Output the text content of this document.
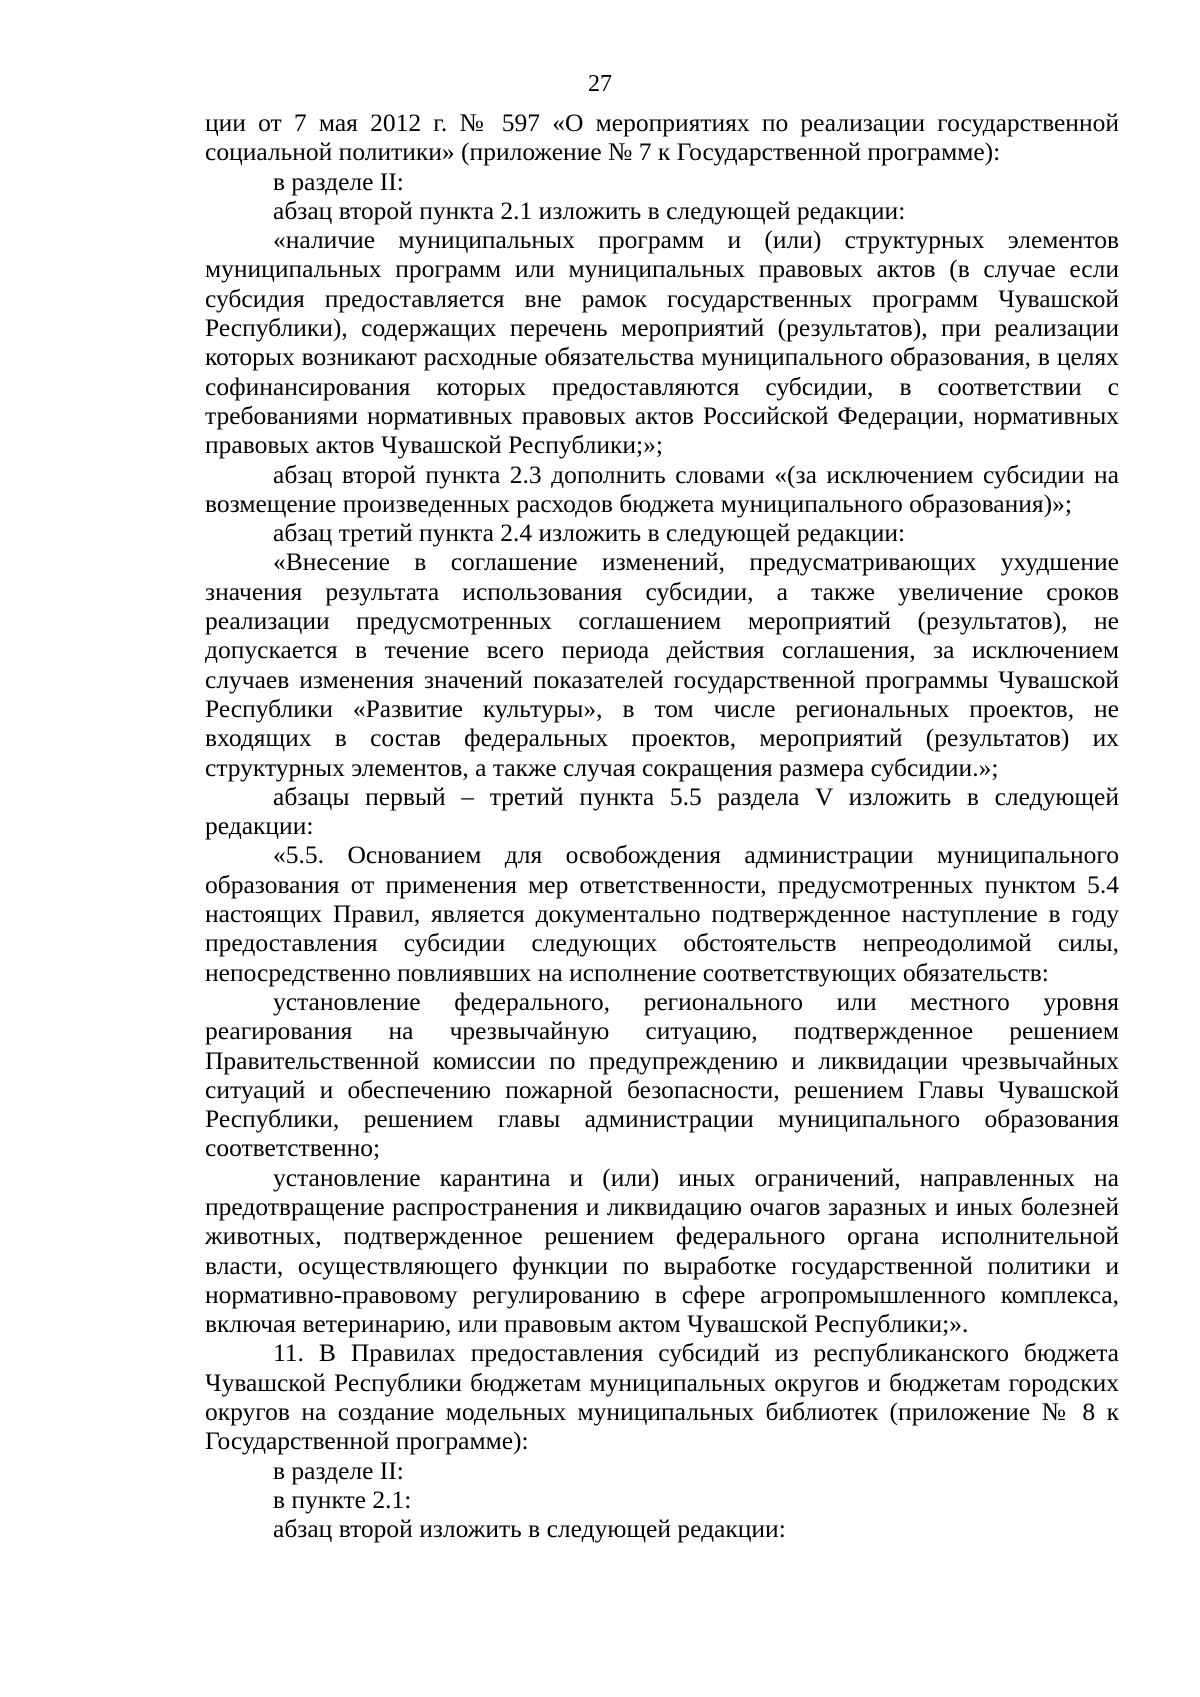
27

ции от 7 мая 2012 г. № 597 «О мероприятиях по реализации государственной социальной политики» (приложение № 7 к Государственной программе):

в разделе II:

абзац второй пункта 2.1 изложить в следующей редакции:

«наличие муниципальных программ и (или) структурных элементов муниципальных программ или муниципальных правовых актов (в случае если субсидия предоставляется вне рамок государственных программ Чувашской Республики), содержащих перечень мероприятий (результатов), при реализации которых возникают расходные обязательства муниципального образования, в целях софинансирования которых предоставляются субсидии, в соответствии с требованиями нормативных правовых актов Российской Федерации, нормативных правовых актов Чувашской Республики;»;

абзац второй пункта 2.3 дополнить словами «(за исключением субсидии на возмещение произведенных расходов бюджета муниципального образования)»;

абзац третий пункта 2.4 изложить в следующей редакции:

«Внесение в соглашение изменений, предусматривающих ухудшение значения результата использования субсидии, а также увеличение сроков реализации предусмотренных соглашением мероприятий (результатов), не допускается в течение всего периода действия соглашения, за исключением случаев изменения значений показателей государственной программы Чувашской Республики «Развитие культуры», в том числе региональных проектов, не входящих в состав федеральных проектов, мероприятий (результатов) их структурных элементов, а также случая сокращения размера субсидии.»;

абзацы первый – третий пункта 5.5 раздела V изложить в следующей редакции:

«5.5. Основанием для освобождения администрации муниципального образования от применения мер ответственности, предусмотренных пунктом 5.4 настоящих Правил, является документально подтвержденное наступление в году предоставления субсидии следующих обстоятельств непреодолимой силы, непосредственно повлиявших на исполнение соответствующих обязательств:

установление федерального, регионального или местного уровня реагирования на чрезвычайную ситуацию, подтвержденное решением Правительственной комиссии по предупреждению и ликвидации чрезвычайных ситуаций и обеспечению пожарной безопасности, решением Главы Чувашской Республики, решением главы администрации муниципального образования соответственно;

установление карантина и (или) иных ограничений, направленных на предотвращение распространения и ликвидацию очагов заразных и иных болезней животных, подтвержденное решением федерального органа исполнительной власти, осуществляющего функции по выработке государственной политики и нормативно-правовому регулированию в сфере агропромышленного комплекса, включая ветеринарию, или правовым актом Чувашской Республики;».

11. В Правилах предоставления субсидий из республиканского бюджета Чувашской Республики бюджетам муниципальных округов и бюджетам городских округов на создание модельных муниципальных библиотек (приложение № 8 к Государственной программе):

в разделе II:

в пункте 2.1:

абзац второй изложить в следующей редакции:
